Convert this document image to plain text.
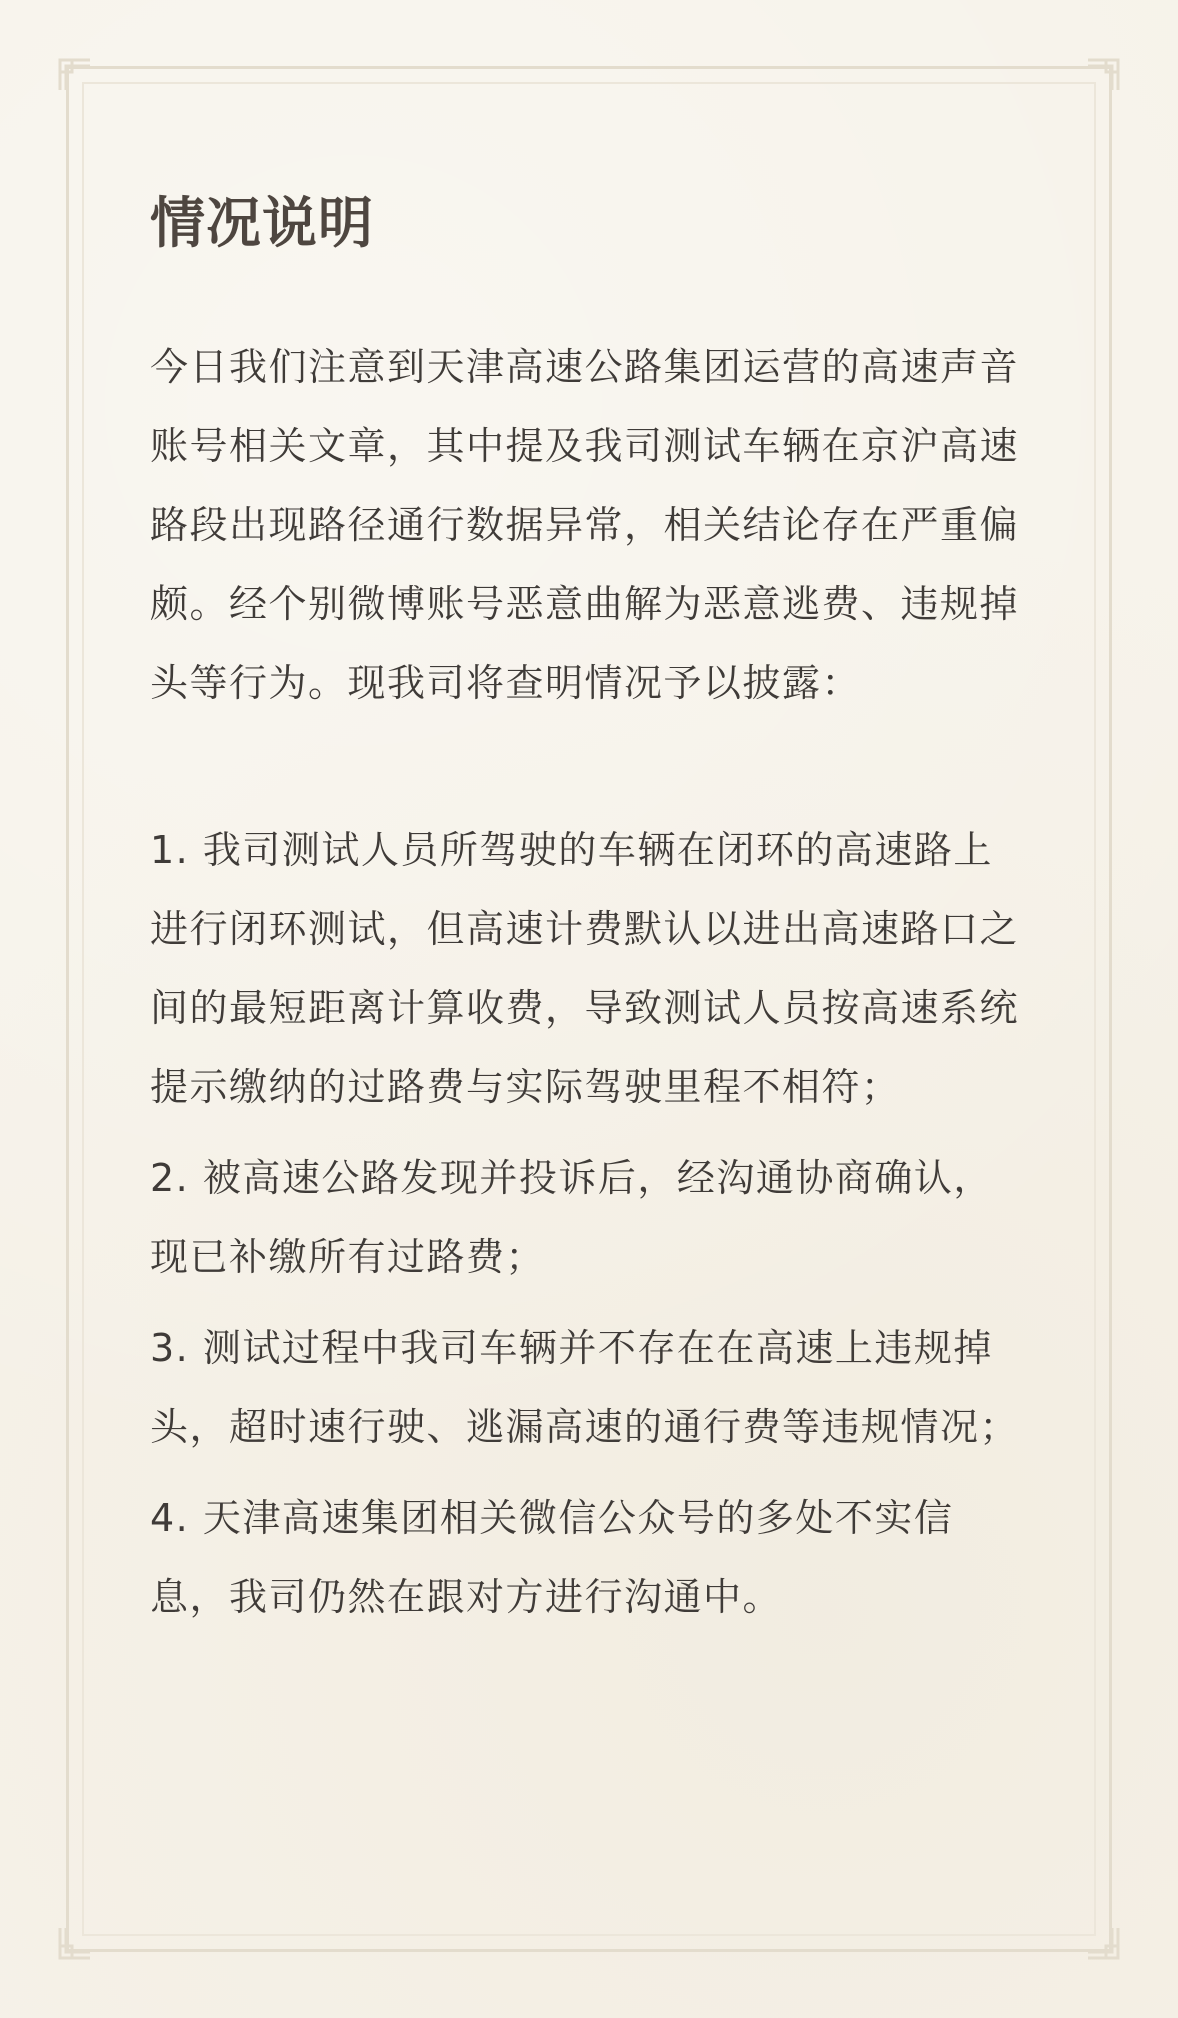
情况说明

今日我们注意到天津高速公路集团运营的高速声音账号相关文章，其中提及我司测试车辆在京沪高速路段出现路径通行数据异常，相关结论存在严重偏颇。经个别微博账号恶意曲解为恶意逃费、违规掉头等行为。现我司将查明情况予以披露：

1. 我司测试人员所驾驶的车辆在闭环的高速路上进行闭环测试，但高速计费默认以进出高速路口之间的最短距离计算收费，导致测试人员按高速系统提示缴纳的过路费与实际驾驶里程不相符；

2. 被高速公路发现并投诉后，经沟通协商确认，现已补缴所有过路费；

3. 测试过程中我司车辆并不存在在高速上违规掉头，超时速行驶、逃漏高速的通行费等违规情况；

4. 天津高速集团相关微信公众号的多处不实信息，我司仍然在跟对方进行沟通中。
